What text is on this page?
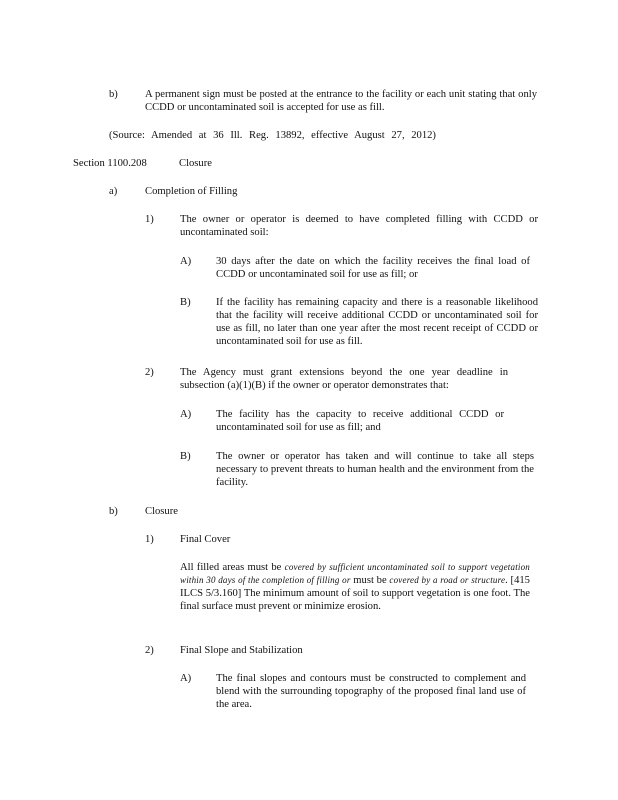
b)	A permanent sign must be posted at the entrance to the facility or each unit stating that only CCDD or uncontaminated soil is accepted for use as fill.
(Source: Amended at 36 Ill. Reg. 13892, effective August 27, 2012)
Section 1100.208	Closure
a)	Completion of Filling
1) The owner or operator is deemed to have completed filling with CCDD or uncontaminated soil:
A) 30 days after the date on which the facility receives the final load of CCDD or uncontaminated soil for use as fill; or
B) If the facility has remaining capacity and there is a reasonable likelihood that the facility will receive additional CCDD or uncontaminated soil for use as fill, no later than one year after the most recent receipt of CCDD or uncontaminated soil for use as fill.
2) The Agency must grant extensions beyond the one year deadline in subsection (a)(1)(B) if the owner or operator demonstrates that:
A) The facility has the capacity to receive additional CCDD or uncontaminated soil for use as fill; and
B) The owner or operator has taken and will continue to take all steps necessary to prevent threats to human health and the environment from the facility.
b)	Closure
1) Final Cover
All filled areas must be covered by sufficient uncontaminated soil to support vegetation within 30 days of the completion of filling or must be covered by a road or structure. [415 ILCS 5/3.160] The minimum amount of soil to support vegetation is one foot. The final surface must prevent or minimize erosion.
2) Final Slope and Stabilization
A) The final slopes and contours must be constructed to complement and blend with the surrounding topography of the proposed final land use of the area.
